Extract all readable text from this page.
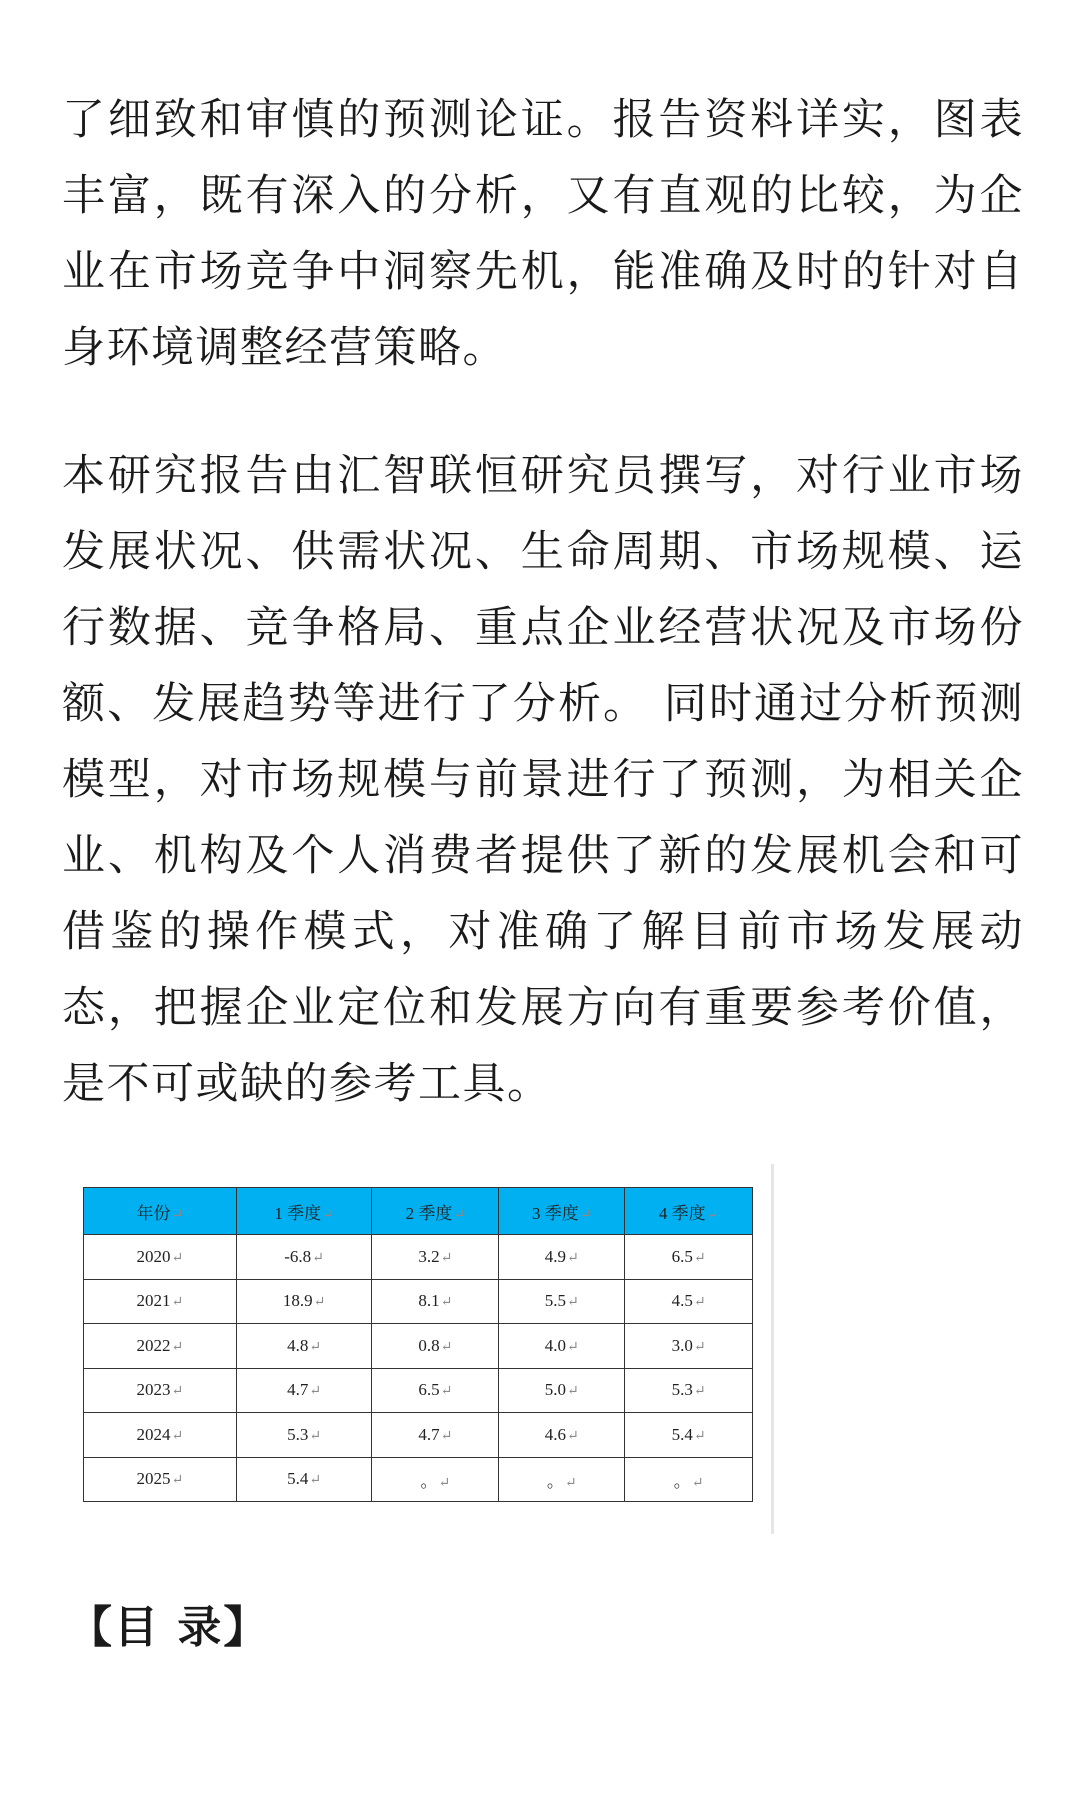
了细致和审慎的预测论证。报告资料详实，图表丰富，既有深入的分析，又有直观的比较，为企业在市场竞争中洞察先机，能准确及时的针对自身环境调整经营策略。

本研究报告由汇智联恒研究员撰写，对行业市场发展状况、供需状况、生命周期、市场规模、运行数据、竞争格局、重点企业经营状况及市场份额、发展趋势等进行了分析。 同时通过分析预测模型，对市场规模与前景进行了预测，为相关企业、机构及个人消费者提供了新的发展机会和可借鉴的操作模式，对准确了解目前市场发展动态，把握企业定位和发展方向有重要参考价值，是不可或缺的参考工具。

年份↵	1 季度↵	2 季度↵	3 季度↵	4 季度↵
2020↵	-6.8↵	3.2↵	4.9↵	6.5↵
2021↵	18.9↵	8.1↵	5.5↵	4.5↵
2022↵	4.8↵	0.8↵	4.0↵	3.0↵
2023↵	4.7↵	6.5↵	5.0↵	5.3↵
2024↵	5.3↵	4.7↵	4.6↵	5.4↵
2025↵	5.4↵	。↵	。↵	。↵
【目 录】
